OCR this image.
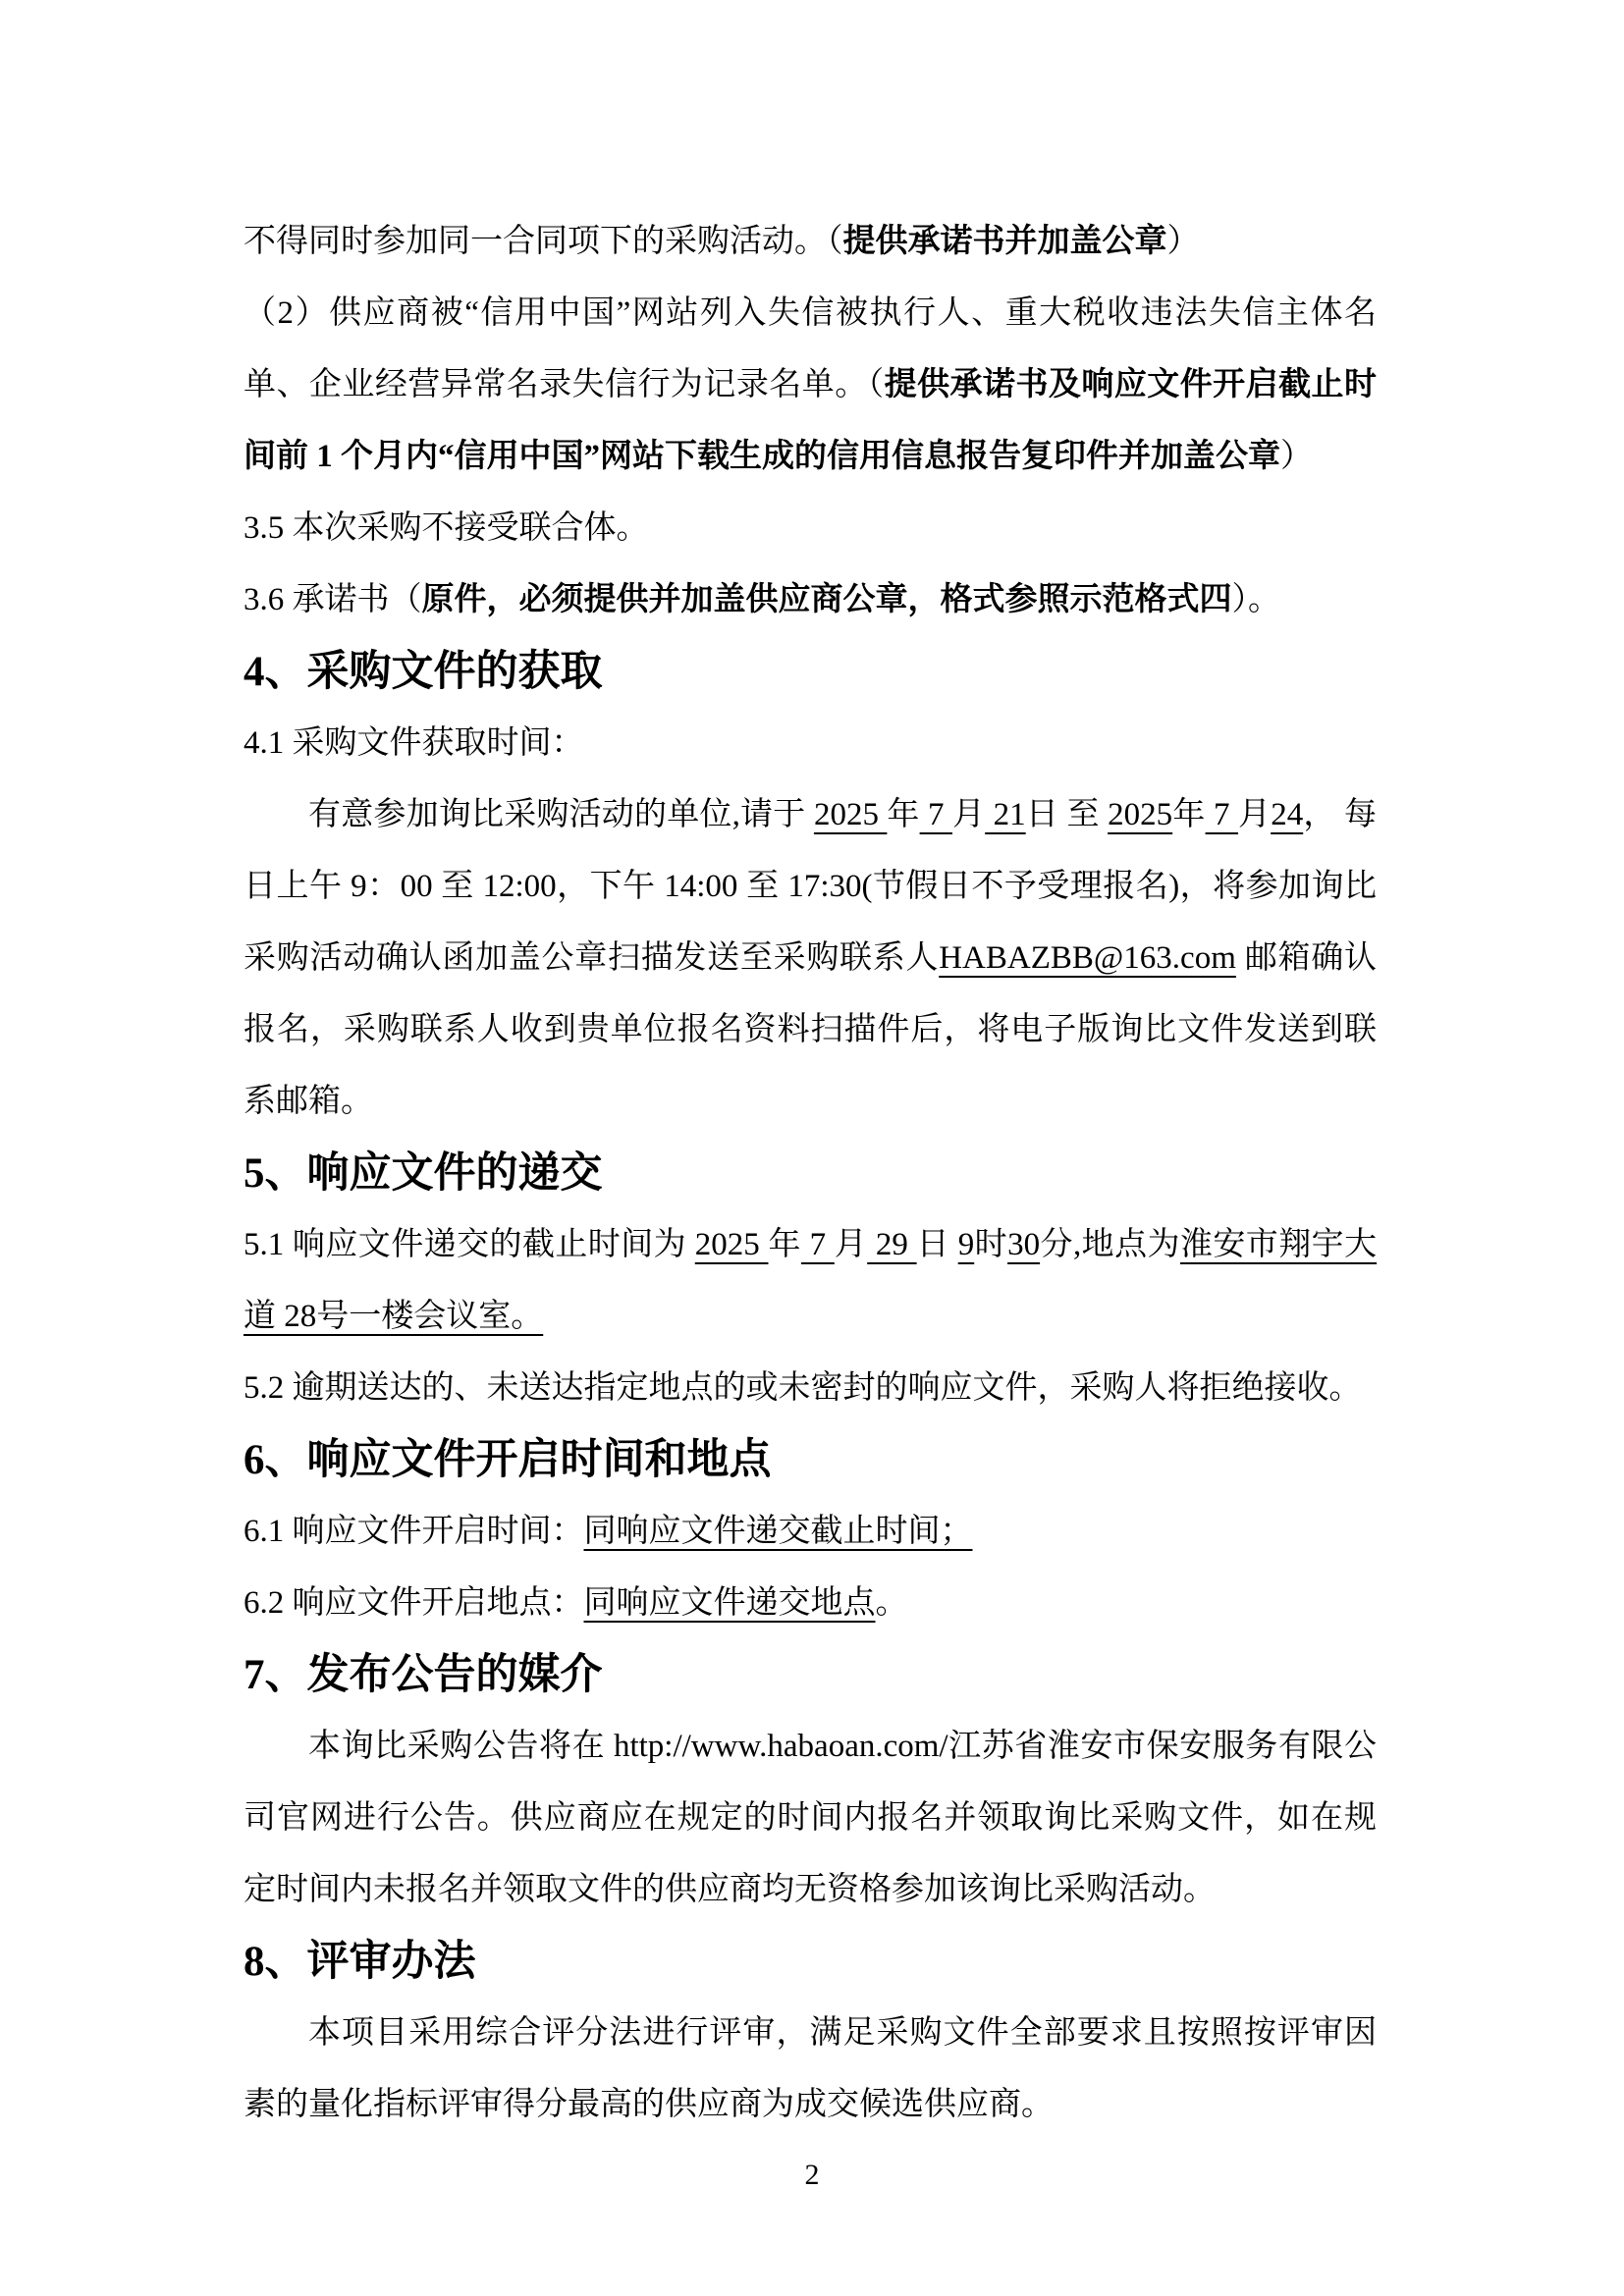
不得同时参加同一合同项下的采购活动。（提供承诺书并加盖公章）

（2）供应商被“信用中国”网站列入失信被执行人、重大税收违法失信主体名单、企业经营异常名录失信行为记录名单。（提供承诺书及响应文件开启截止时间前 1 个月内“信用中国”网站下载生成的信用信息报告复印件并加盖公章）

3.5 本次采购不接受联合体。

3.6 承诺书（原件，必须提供并加盖供应商公章，格式参照示范格式四）。

4、采购文件的获取

4.1 采购文件获取时间：

有意参加询比采购活动的单位,请于 2025 年 7 月 21日 至 2025年 7 月24， 每日上午 9：00 至 12:00，下午 14:00 至 17:30(节假日不予受理报名)，将参加询比采购活动确认函加盖公章扫描发送至采购联系人HABAZBB@163.com 邮箱确认报名，采购联系人收到贵单位报名资料扫描件后，将电子版询比文件发送到联系邮箱。

5、响应文件的递交

5.1 响应文件递交的截止时间为 2025 年 7 月 29 日 9时30分,地点为淮安市翔宇大道 28号一楼会议室。

5.2 逾期送达的、未送达指定地点的或未密封的响应文件，采购人将拒绝接收。

6、响应文件开启时间和地点

6.1 响应文件开启时间：同响应文件递交截止时间；

6.2 响应文件开启地点：同响应文件递交地点。

7、发布公告的媒介

本询比采购公告将在 http://www.habaoan.com/江苏省淮安市保安服务有限公司官网进行公告。供应商应在规定的时间内报名并领取询比采购文件，如在规定时间内未报名并领取文件的供应商均无资格参加该询比采购活动。

8、评审办法

本项目采用综合评分法进行评审，满足采购文件全部要求且按照按评审因素的量化指标评审得分最高的供应商为成交候选供应商。

2
